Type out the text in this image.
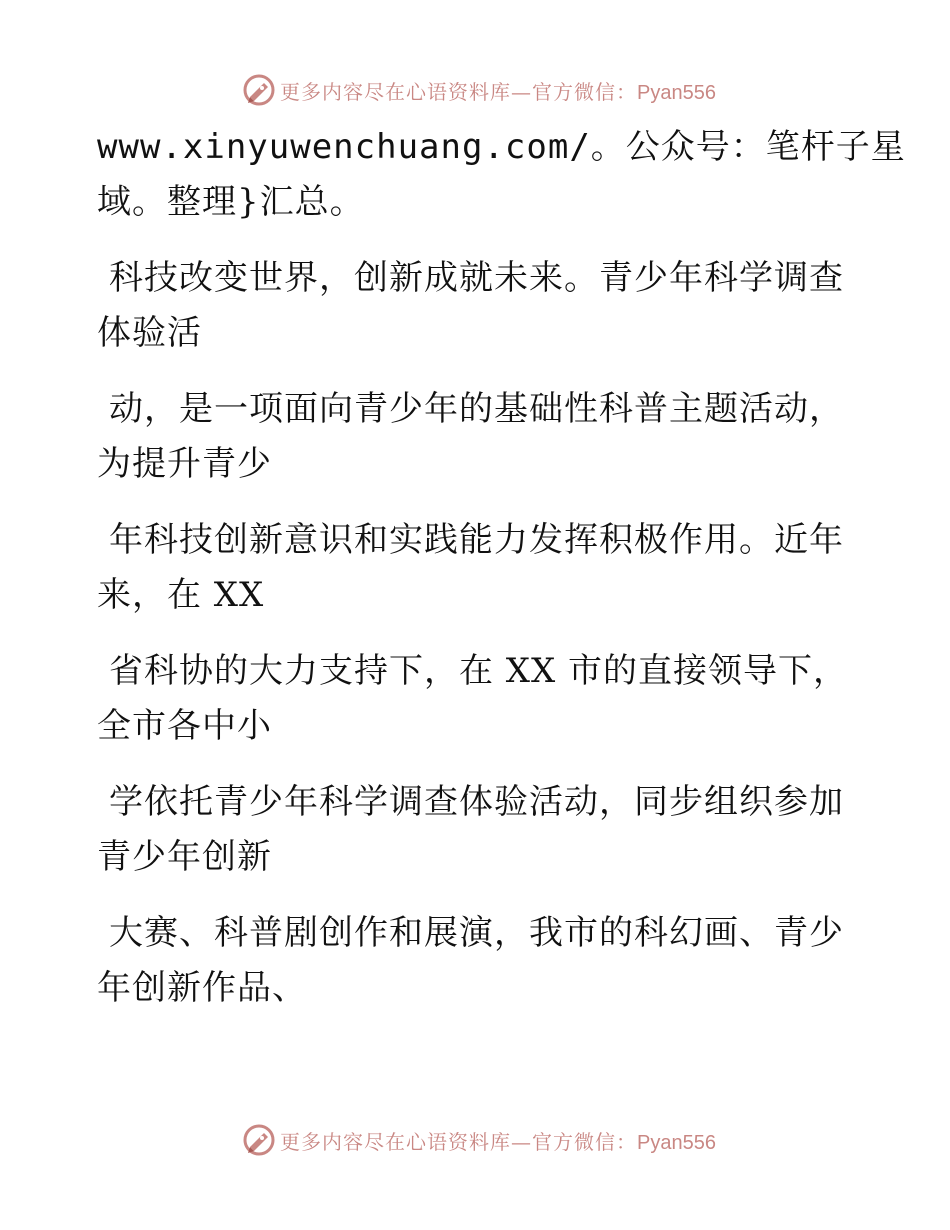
更多内容尽在心语资料库—官方微信：Pyan556
www.xinyuwenchuang.com/。公众号：笔杆子星
域。整理}汇总。
科技改变世界，创新成就未来。青少年科学调查
体验活
动，是一项面向青少年的基础性科普主题活动，
为提升青少
年科技创新意识和实践能力发挥积极作用。近年
来，在 XX
省科协的大力支持下，在 XX 市的直接领导下，
全市各中小
学依托青少年科学调查体验活动，同步组织参加
青少年创新
大赛、科普剧创作和展演，我市的科幻画、青少
年创新作品、
更多内容尽在心语资料库—官方微信：Pyan556
